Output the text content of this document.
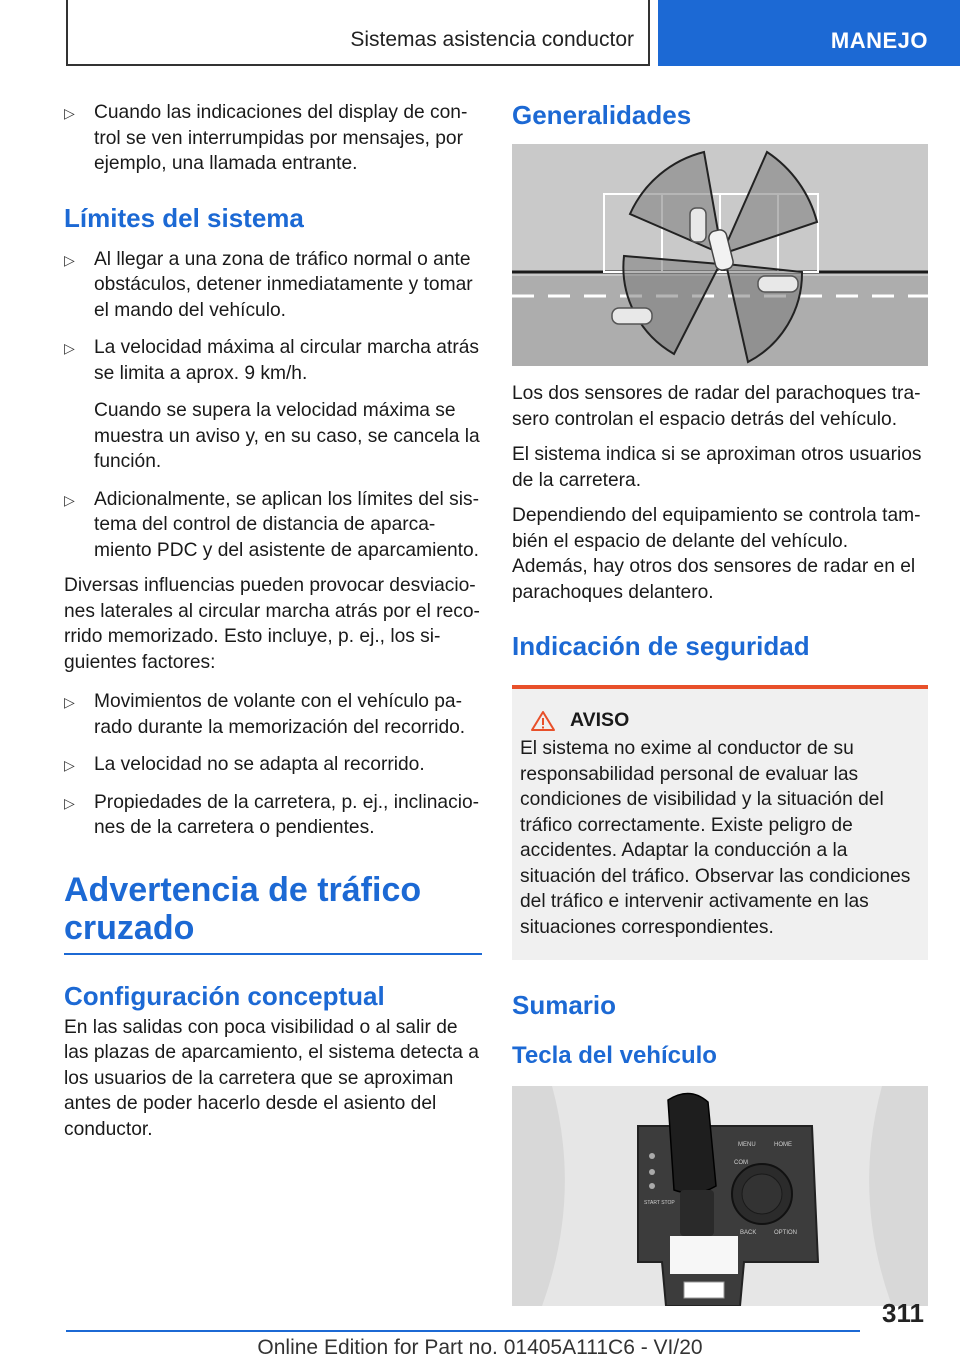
Sistemas asistencia conductor	MANEJO
▷ Cuando las indicaciones del display de control se ven interrumpidas por mensajes, por ejemplo, una llamada entrante.
Límites del sistema
▷ Al llegar a una zona de tráfico normal o ante obstáculos, detener inmediatamente y tomar el mando del vehículo.
▷ La velocidad máxima al circular marcha atrás se limita a aprox. 9 km/h.
Cuando se supera la velocidad máxima se muestra un aviso y, en su caso, se cancela la función.
▷ Adicionalmente, se aplican los límites del sistema del control de distancia de aparcamiento PDC y del asistente de aparcamiento.

Diversas influencias pueden provocar desviaciones laterales al circular marcha atrás por el recorrido memorizado. Esto incluye, p. ej., los siguientes factores:

▷ Movimientos de volante con el vehículo parado durante la memorización del recorrido.
▷ La velocidad no se adapta al recorrido.
▷ Propiedades de la carretera, p. ej., inclinaciones de la carretera o pendientes.
Advertencia de tráfico
cruzado
Configuración conceptual

En las salidas con poca visibilidad o al salir de las plazas de aparcamiento, el sistema detecta a los usuarios de la carretera que se aproximan antes de poder hacerlo desde el asiento del conductor.

Generalidades

Los dos sensores de radar del parachoques trasero controlan el espacio detrás del vehículo.

El sistema indica si se aproximan otros usuarios de la carretera.

Dependiendo del equipamiento se controla también el espacio de delante del vehículo. Además, hay otros dos sensores de radar en el parachoques delantero.

Indicación de seguridad
AVISO

El sistema no exime al conductor de su responsabilidad personal de evaluar las condiciones de visibilidad y la situación del tráfico correctamente. Existe peligro de accidentes. Adaptar la conducción a la situación del tráfico. Observar las condiciones del tráfico e intervenir activamente en las situaciones correspondientes.

Sumario
Tecla del vehículo
MENU	HOME
COM
BACK	OPTION
START STOP
311
Online Edition for Part no. 01405A111C6 - VI/20
